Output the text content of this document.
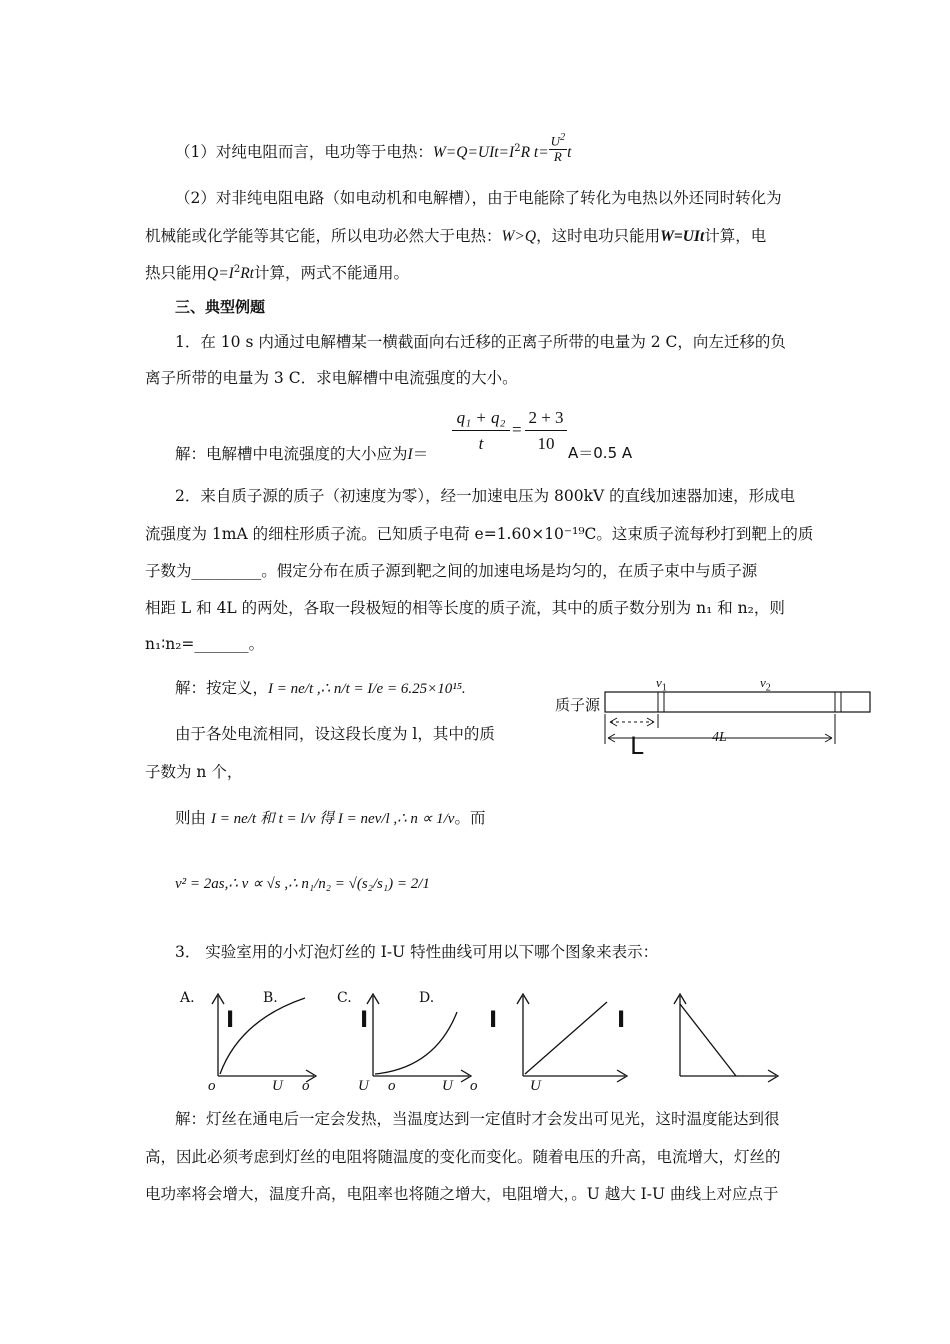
（1）对纯电阻而言，电功等于电热：$W=Q=UIt=I^2R$ $t= \frac{U^2}{R}$ t
（2）对非纯电阻电路（如电动机和电解槽），由于电能除了转化为电热以外还同时转化为
机械能或化学能等其它能，所以电功必然大于电热：W>Q，这时电功只能用W=UIt计算，电
热只能用$Q=I^2Rt$计算，两式不能通用。
三、典型例题
1．在 10 s 内通过电解槽某一横截面向右迁移的正离子所带的电量为 2 C，向左迁移的负
离子所带的电量为 3 C．求电解槽中电流强度的大小。
解：电解槽中电流强度的大小应为I＝
q₁ + q₂
t
=
2 + 3
10 A＝0.5 A
2．来自质子源的质子（初速度为零），经一加速电压为 800kV 的直线加速器加速，形成电
流强度为 1mA 的细柱形质子流。已知质子电荷 e=1.60×10⁻¹⁹C。这束质子流每秒打到靶上的质
子数为_________。假定分布在质子源到靶之间的加速电场是均匀的，在质子束中与质子源
相距 L 和 4L 的两处，各取一段极短的相等长度的质子流，其中的质子数分别为 n₁ 和 n₂，则
n₁∶n₂=_______。
解：按定义，I = ne/t ,∴ n/t = I/e = 6.25×10¹⁵.
由于各处电流相同，设这段长度为 l，其中的质
子数为 n 个，
则由 I = ne/t 和 t = l/v 得 I = nev/l ,∴ n ∝ 1/v。而
v² = 2as,∴ v ∝ √s ,∴ n₁/n₂ = √(s₂/s₁) = 2/1
质子源
$v_1$	$v_2$
L	4L
3． 实验室用的小灯泡灯丝的 I-U 特性曲线可用以下哪个图象来表示：
A.	B.	C.	D.
I	I	I	I
o	U o	U o	U o	U
解：灯丝在通电后一定会发热，当温度达到一定值时才会发出可见光，这时温度能达到很
高，因此必须考虑到灯丝的电阻将随温度的变化而变化。随着电压的升高，电流增大，灯丝的
电功率将会增大，温度升高，电阻率也将随之增大，电阻增大，。U 越大 I-U 曲线上对应点于
